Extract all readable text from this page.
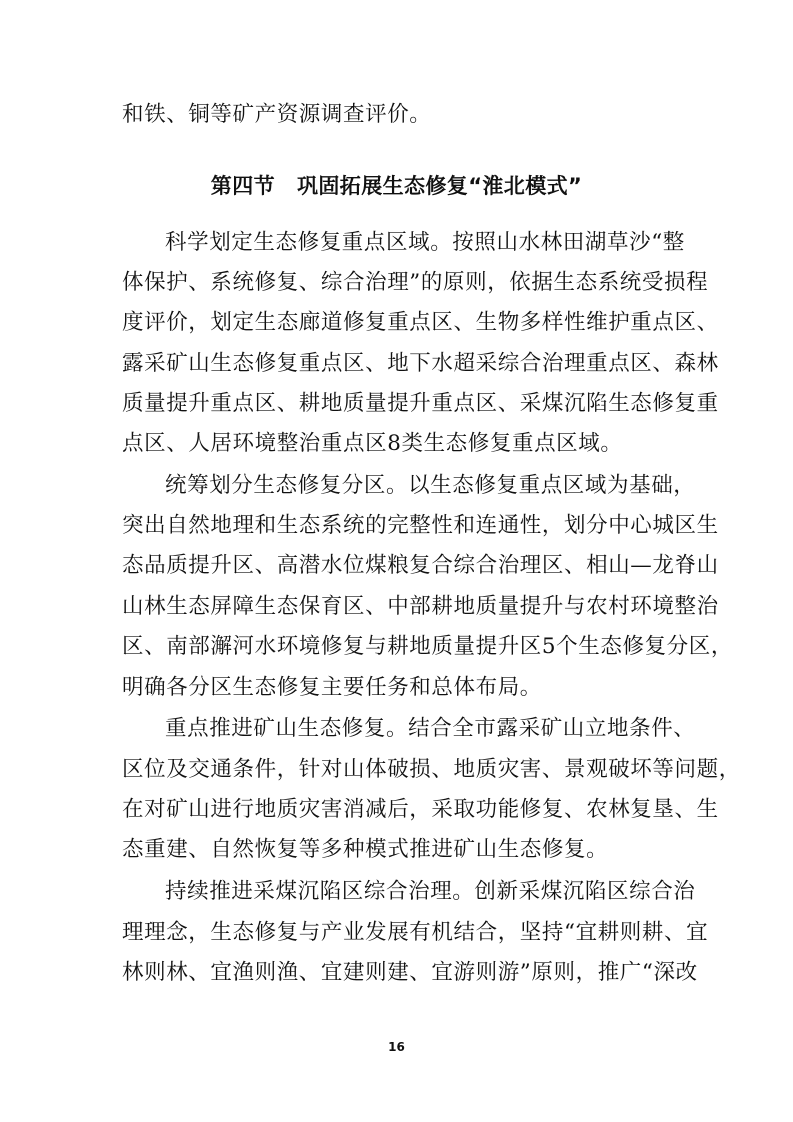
和铁、铜等矿产资源调查评价。
第四节 巩固拓展生态修复“淮北模式”
科学划定生态修复重点区域。按照山水林田湖草沙“整
体保护、系统修复、综合治理”的原则，依据生态系统受损程
度评价，划定生态廊道修复重点区、生物多样性维护重点区、
露采矿山生态修复重点区、地下水超采综合治理重点区、森林
质量提升重点区、耕地质量提升重点区、采煤沉陷生态修复重
点区、人居环境整治重点区8类生态修复重点区域。
统筹划分生态修复分区。以生态修复重点区域为基础，
突出自然地理和生态系统的完整性和连通性，划分中心城区生
态品质提升区、高潜水位煤粮复合综合治理区、相山—龙脊山
山林生态屏障生态保育区、中部耕地质量提升与农村环境整治
区、南部澥河水环境修复与耕地质量提升区5个生态修复分区，
明确各分区生态修复主要任务和总体布局。
重点推进矿山生态修复。结合全市露采矿山立地条件、
区位及交通条件，针对山体破损、地质灾害、景观破坏等问题，
在对矿山进行地质灾害消减后，采取功能修复、农林复垦、生
态重建、自然恢复等多种模式推进矿山生态修复。
持续推进采煤沉陷区综合治理。创新采煤沉陷区综合治
理理念，生态修复与产业发展有机结合，坚持“宜耕则耕、宜
林则林、宜渔则渔、宜建则建、宜游则游”原则，推广“深改
16
